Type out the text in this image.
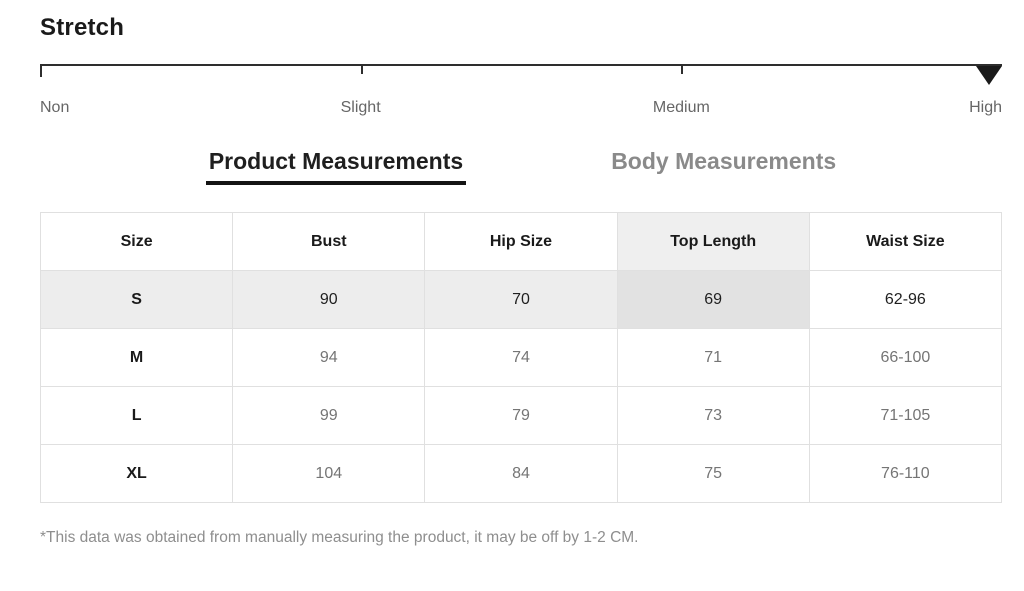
Stretch
Non	Slight	Medium	High
Product Measurements	Body Measurements
Size	Bust	Hip Size	Top Length	Waist Size
S	90	70	69	62-96
M	94	74	71	66-100
L	99	79	73	71-105
XL	104	84	75	76-110
*This data was obtained from manually measuring the product, it may be off by 1-2 CM.
